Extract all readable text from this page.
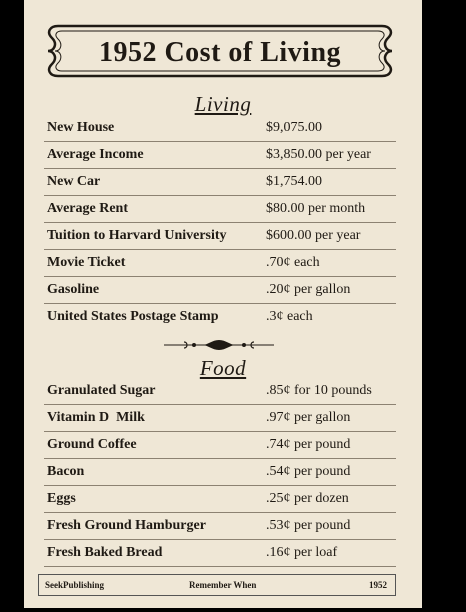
1952 Cost of Living
Living
New House	$9,075.00
Average Income	$3,850.00 per year
New Car	$1,754.00
Average Rent	$80.00 per month
Tuition to Harvard University	$600.00 per year
Movie Ticket	.70¢ each
Gasoline	.20¢ per gallon
United States Postage Stamp	.3¢ each
Food
Granulated Sugar	.85¢ for 10 pounds
Vitamin D  Milk	.97¢ per gallon
Ground Coffee	.74¢ per pound
Bacon	.54¢ per pound
Eggs	.25¢ per dozen
Fresh Ground Hamburger	.53¢ per pound
Fresh Baked Bread	.16¢ per loaf
SeekPublishing	Remember When	1952
